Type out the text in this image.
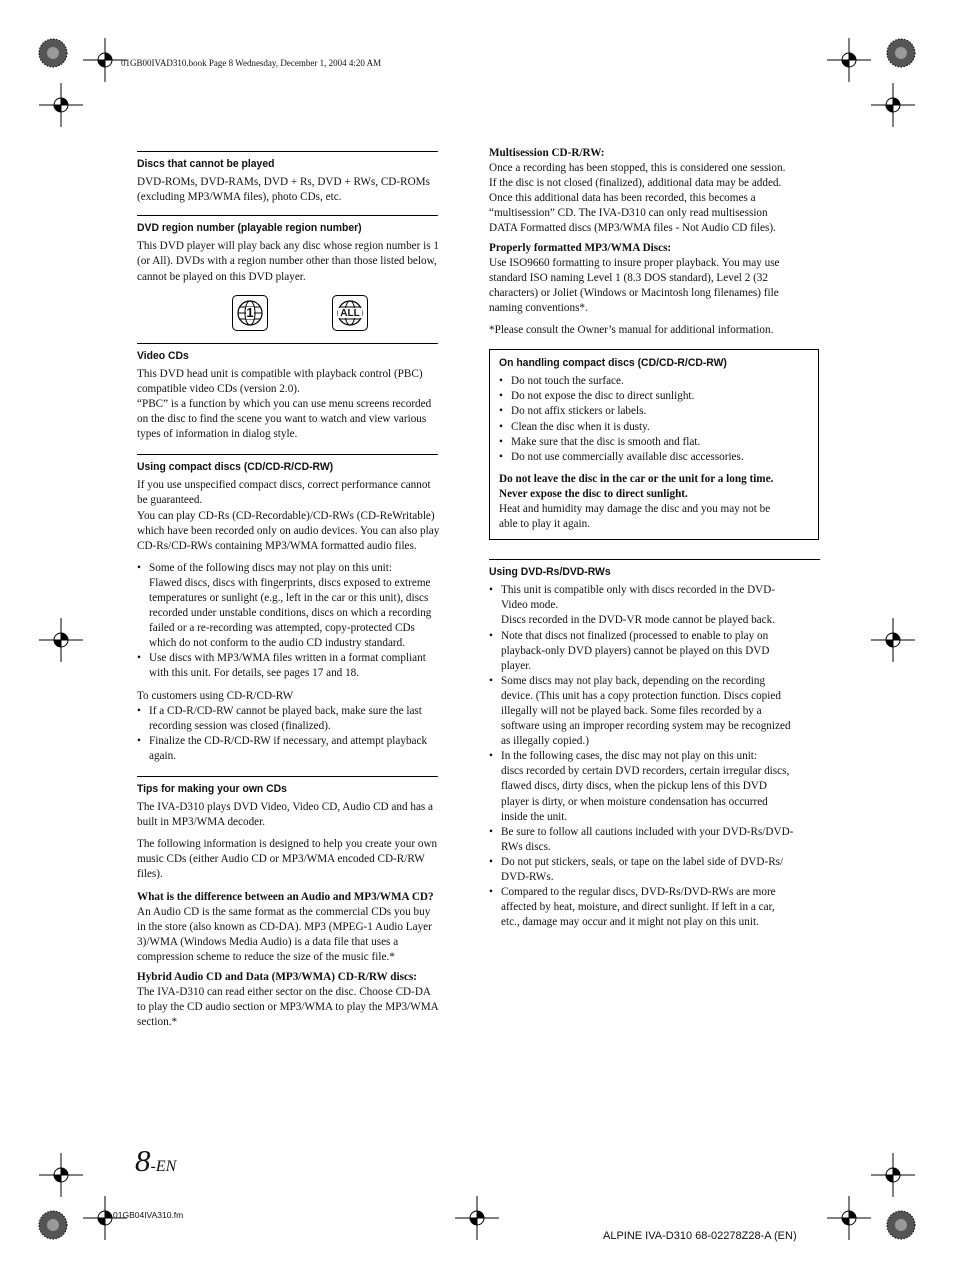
01GB00IVAD310.book Page 8 Wednesday, December 1, 2004 4:20 AM
Discs that cannot be played

DVD-ROMs, DVD-RAMs, DVD + Rs, DVD + RWs, CD-ROMs

(excluding MP3/WMA files), photo CDs, etc.

DVD region number (playable region number)

This DVD player will play back any disc whose region number is 1

(or All). DVDs with a region number other than those listed below,

cannot be played on this DVD player.

1	ALL
Video CDs

This DVD head unit is compatible with playback control (PBC)

compatible video CDs (version 2.0).

“PBC” is a function by which you can use menu screens recorded

on the disc to find the scene you want to watch and view various

types of information in dialog style.

Using compact discs (CD/CD-R/CD-RW)

If you use unspecified compact discs, correct performance cannot

be guaranteed.

You can play CD-Rs (CD-Recordable)/CD-RWs (CD-ReWritable)

which have been recorded only on audio devices. You can also play

CD-Rs/CD-RWs containing MP3/WMA formatted audio files.

• Some of the following discs may not play on this unit:

Flawed discs, discs with fingerprints, discs exposed to extreme

temperatures or sunlight (e.g., left in the car or this unit), discs

recorded under unstable conditions, discs on which a recording

failed or a re-recording was attempted, copy-protected CDs

which do not conform to the audio CD industry standard.

• Use discs with MP3/WMA files written in a format compliant

with this unit. For details, see pages 17 and 18.

To customers using CD-R/CD-RW

• If a CD-R/CD-RW cannot be played back, make sure the last

recording session was closed (finalized).

• Finalize the CD-R/CD-RW if necessary, and attempt playback

again.

Tips for making your own CDs

The IVA-D310 plays DVD Video, Video CD, Audio CD and has a

built in MP3/WMA decoder.

The following information is designed to help you create your own

music CDs (either Audio CD or MP3/WMA encoded CD-R/RW

files).

What is the difference between an Audio and MP3/WMA CD?

An Audio CD is the same format as the commercial CDs you buy

in the store (also known as CD-DA). MP3 (MPEG-1 Audio Layer

3)/WMA (Windows Media Audio) is a data file that uses a

compression scheme to reduce the size of the music file.*

Hybrid Audio CD and Data (MP3/WMA) CD-R/RW discs:

The IVA-D310 can read either sector on the disc. Choose CD-DA

to play the CD audio section or MP3/WMA to play the MP3/WMA

section.*

Multisession CD-R/RW:

Once a recording has been stopped, this is considered one session.

If the disc is not closed (finalized), additional data may be added.

Once this additional data has been recorded, this becomes a

“multisession” CD. The IVA-D310 can only read multisession

DATA Formatted discs (MP3/WMA files - Not Audio CD files).

Properly formatted MP3/WMA Discs:

Use ISO9660 formatting to insure proper playback. You may use

standard ISO naming Level 1 (8.3 DOS standard), Level 2 (32

characters) or Joliet (Windows or Macintosh long filenames) file

naming conventions*.

*Please consult the Owner’s manual for additional information.

On handling compact discs (CD/CD-R/CD-RW)
• Do not touch the surface.
• Do not expose the disc to direct sunlight.
• Do not affix stickers or labels.
• Clean the disc when it is dusty.
• Make sure that the disc is smooth and flat.
• Do not use commercially available disc accessories.

Do not leave the disc in the car or the unit for a long time.

Never expose the disc to direct sunlight.

Heat and humidity may damage the disc and you may not be

able to play it again.

Using DVD-Rs/DVD-RWs

• This unit is compatible only with discs recorded in the DVD-

Video mode.

Discs recorded in the DVD-VR mode cannot be played back.

• Note that discs not finalized (processed to enable to play on

playback-only DVD players) cannot be played on this DVD

player.

• Some discs may not play back, depending on the recording

device. (This unit has a copy protection function. Discs copied

illegally will not be played back. Some files recorded by a

software using an improper recording system may be recognized

as illegally copied.)

• In the following cases, the disc may not play on this unit:

discs recorded by certain DVD recorders, certain irregular discs,

flawed discs, dirty discs, when the pickup lens of this DVD

player is dirty, or when moisture condensation has occurred

inside the unit.

• Be sure to follow all cautions included with your DVD-Rs/DVD-

RWs discs.

• Do not put stickers, seals, or tape on the label side of DVD-Rs/

DVD-RWs.

• Compared to the regular discs, DVD-Rs/DVD-RWs are more

affected by heat, moisture, and direct sunlight. If left in a car,

etc., damage may occur and it might not play on this unit.

8-EN
01GB04IVA310.fm
ALPINE IVA-D310 68-02278Z28-A (EN)
